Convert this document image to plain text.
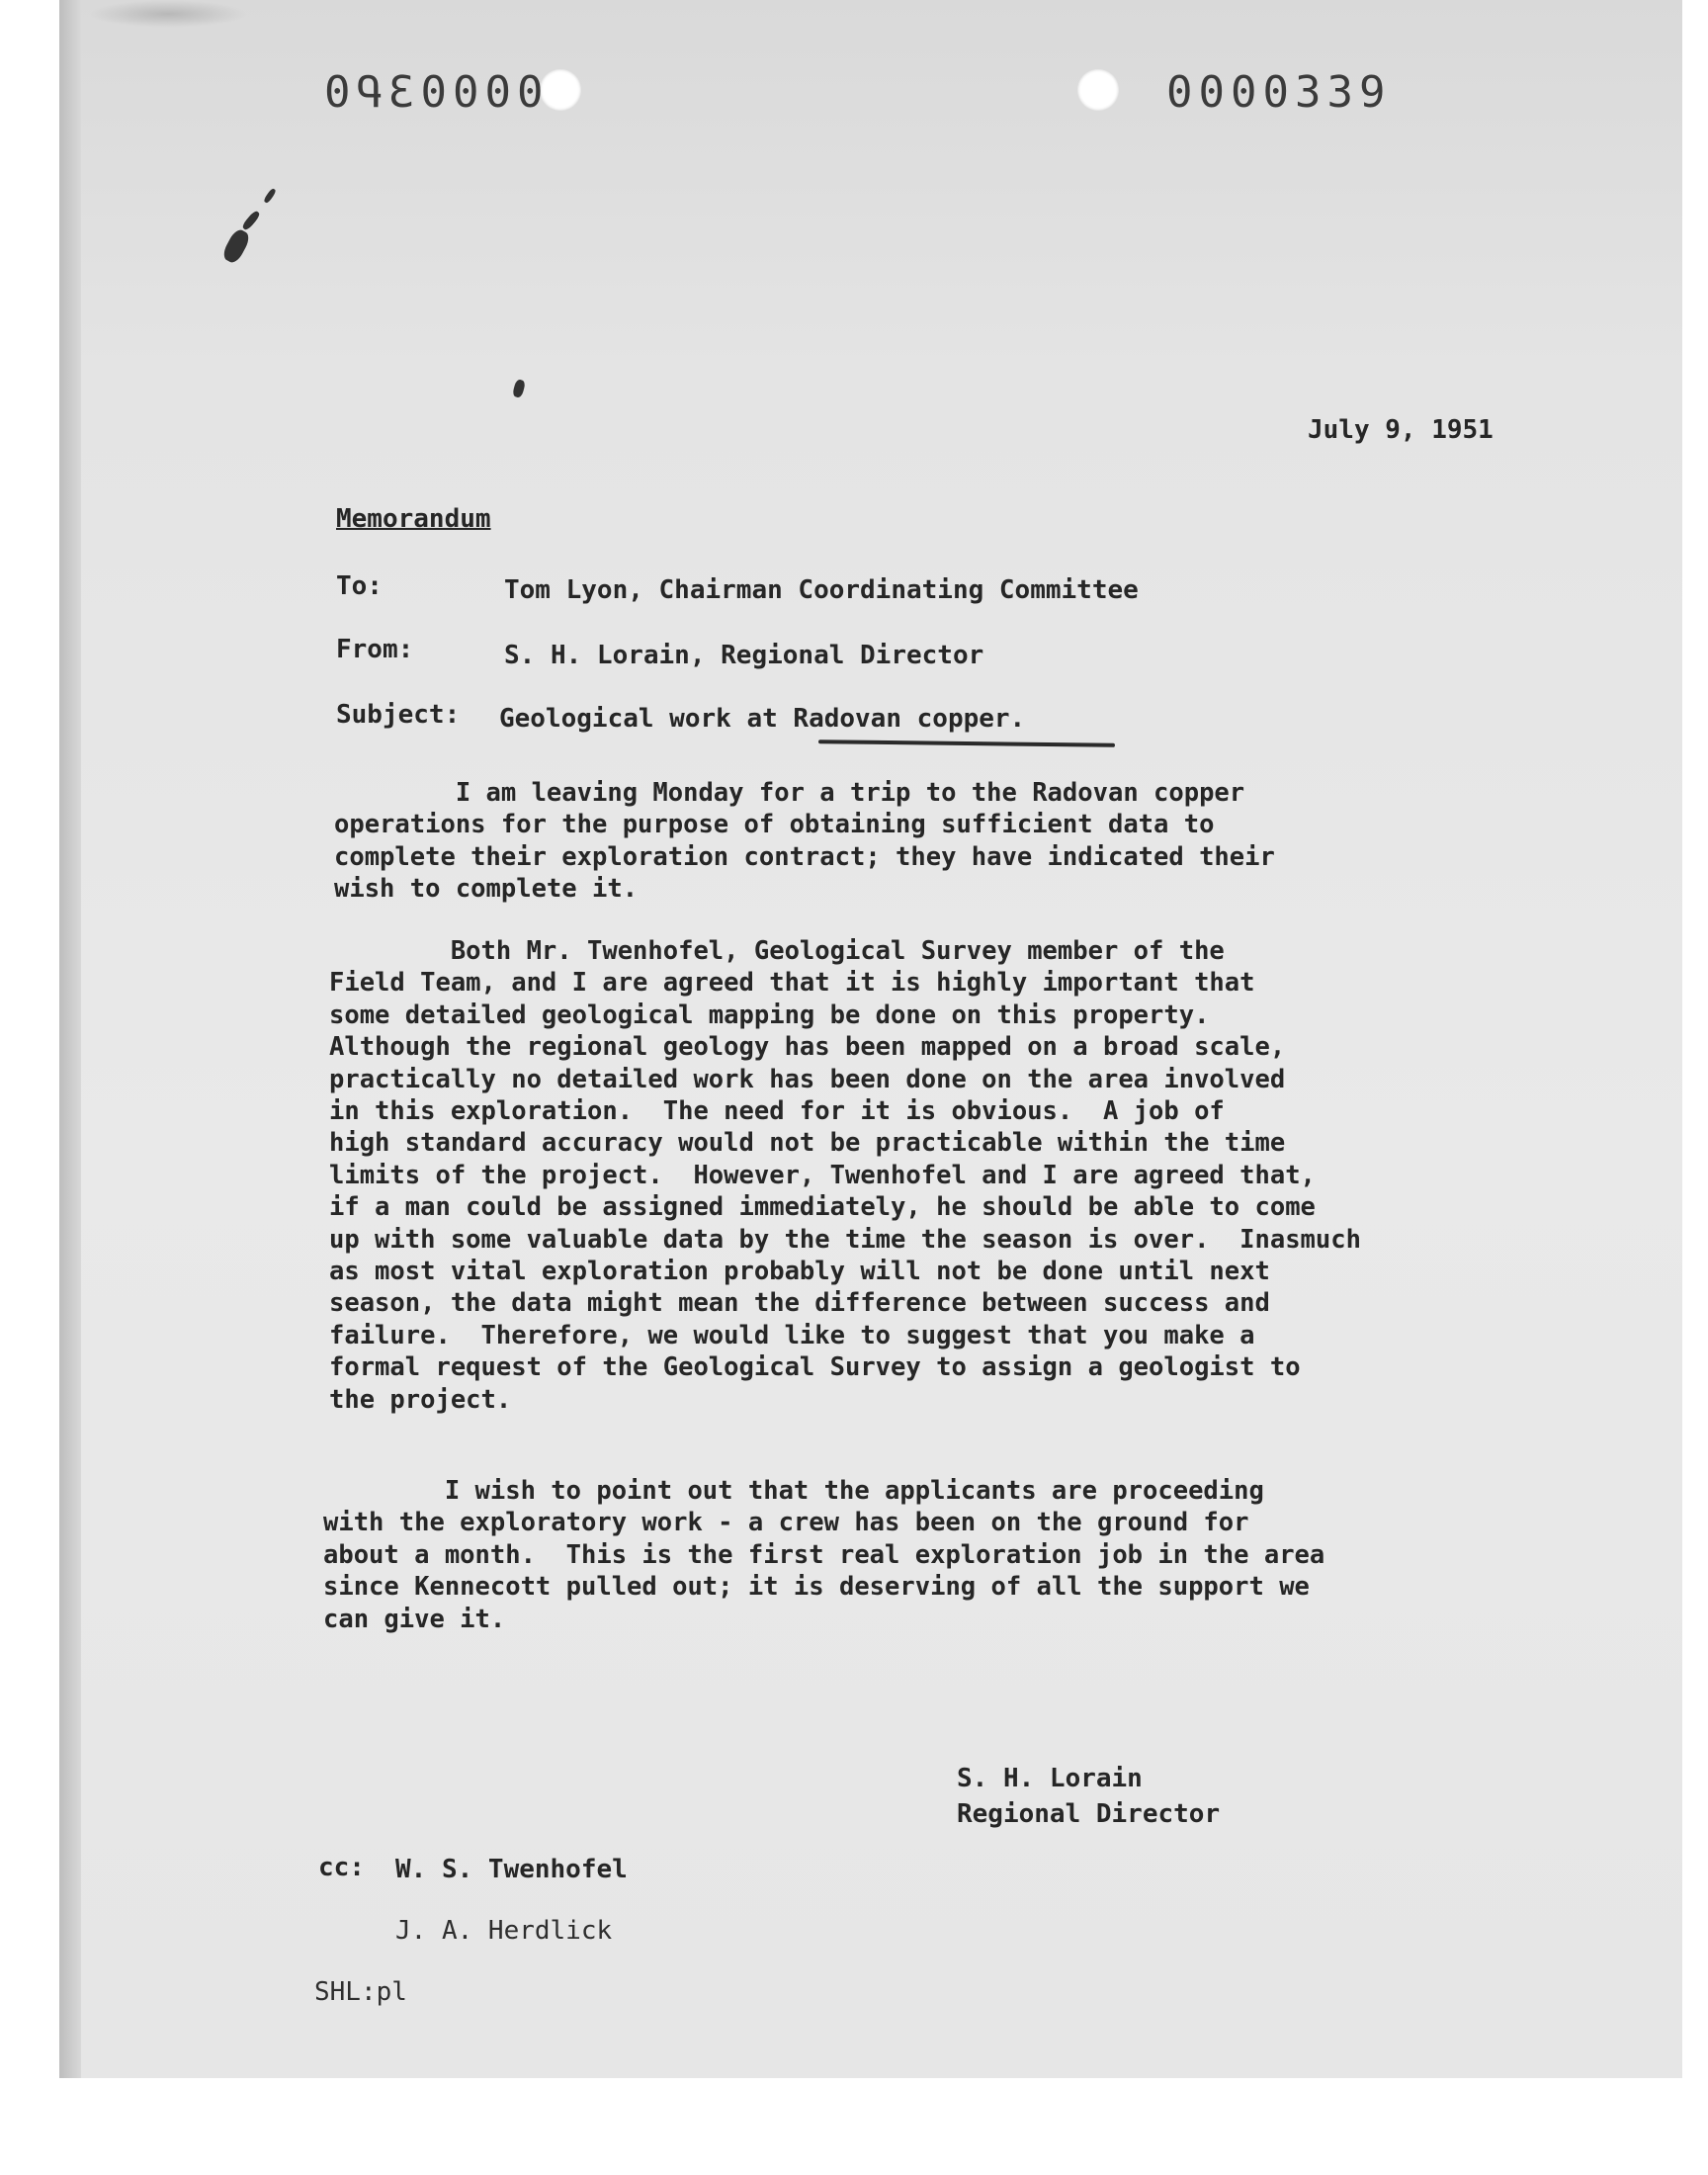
0ԳƐ0000	0000339
July 9, 1951
Memorandum
To:	Tom Lyon, Chairman Coordinating Committee
From:	S. H. Lorain, Regional Director
Subject: Geological work at Radovan copper.
I am leaving Monday for a trip to the Radovan copper
operations for the purpose of obtaining sufficient data to
complete their exploration contract; they have indicated their
wish to complete it.
Both Mr. Twenhofel, Geological Survey member of the
Field Team, and I are agreed that it is highly important that
some detailed geological mapping be done on this property.
Although the regional geology has been mapped on a broad scale,
practically no detailed work has been done on the area involved
in this exploration.  The need for it is obvious.  A job of
high standard accuracy would not be practicable within the time
limits of the project.  However, Twenhofel and I are agreed that,
if a man could be assigned immediately, he should be able to come
up with some valuable data by the time the season is over.  Inasmuch
as most vital exploration probably will not be done until next
season, the data might mean the difference between success and
failure.  Therefore, we would like to suggest that you make a
formal request of the Geological Survey to assign a geologist to
the project.
I wish to point out that the applicants are proceeding
with the exploratory work - a crew has been on the ground for
about a month.  This is the first real exploration job in the area
since Kennecott pulled out; it is deserving of all the support we
can give it.
S. H. Lorain
Regional Director
cc: W. S. Twenhofel
J. A. Herdlick
SHL:pl
